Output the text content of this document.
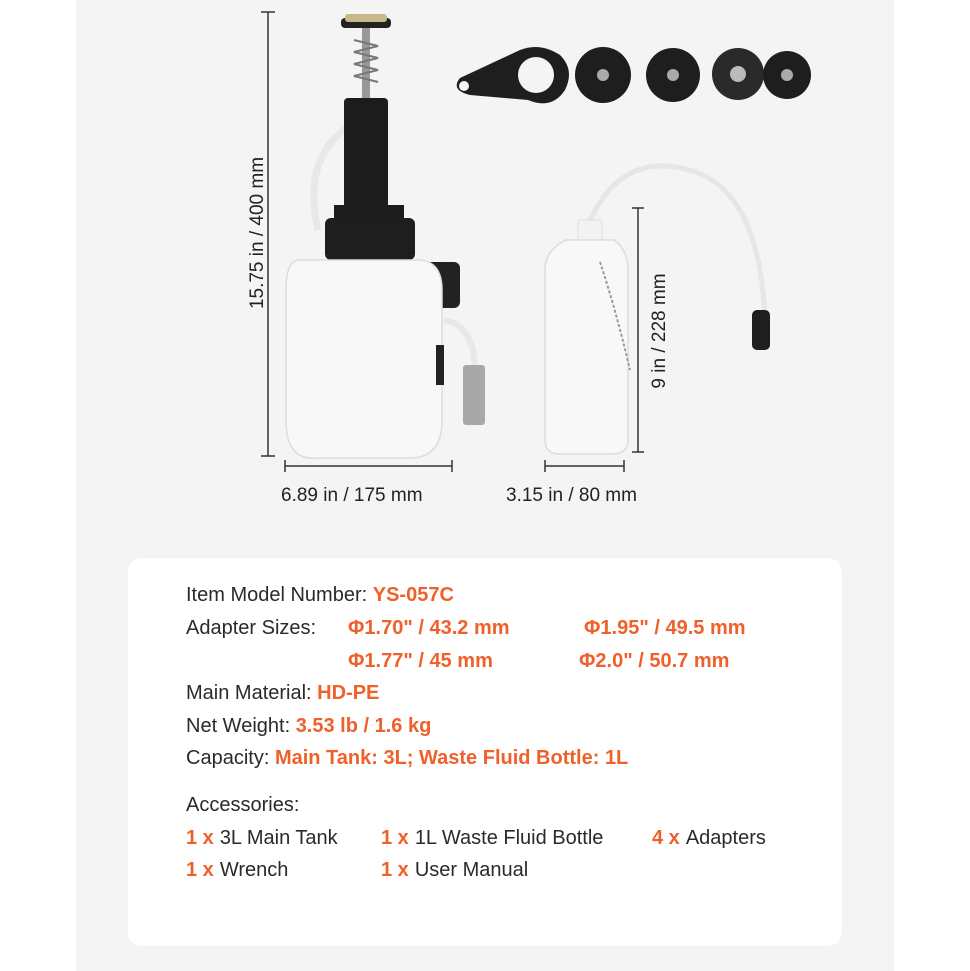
15.75 in / 400 mm
6.89 in / 175 mm
9 in / 228 mm
3.15 in / 80 mm
Item Model Number: YS-057C
Adapter Sizes: Φ1.70" / 43.2 mm	Φ1.95" / 49.5 mm
Φ1.77" / 45 mm	Φ2.0" / 50.7 mm
Main Material: HD-PE
Net Weight: 3.53 lb / 1.6 kg
Capacity: Main Tank: 3L; Waste Fluid Bottle: 1L
Accessories:
1 x 3L Main Tank 1 x 1L Waste Fluid Bottle 4 x Adapters
1 x Wrench	1 x User Manual
